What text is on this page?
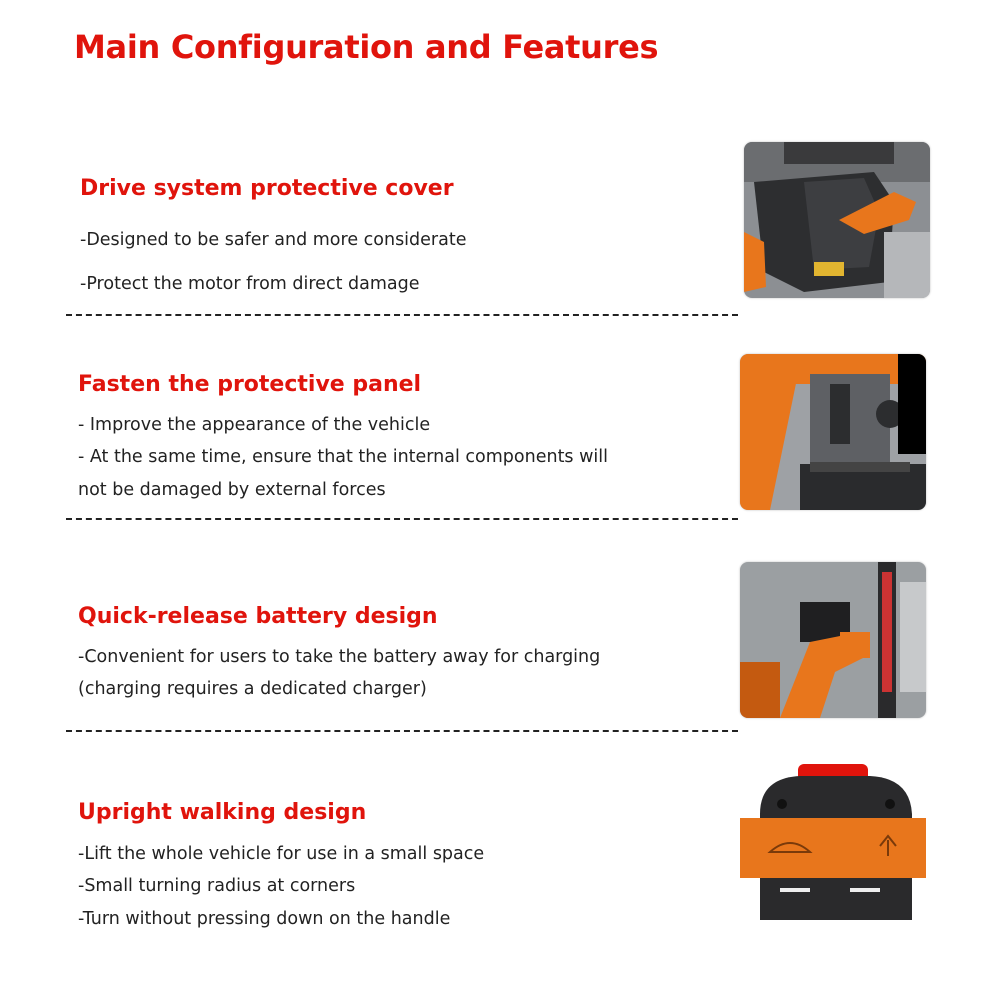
Main Configuration and Features
Drive system protective cover

-Designed to be safer and more considerate

-Protect the motor from direct damage

Fasten the protective panel

- Improve the appearance of the vehicle

- At the same time, ensure that the internal components will

not be damaged by external forces

Quick-release battery design

-Convenient for users to take the battery away for charging

(charging requires a dedicated charger)

Upright walking design

-Lift the whole vehicle for use in a small space

-Small turning radius at corners

-Turn without pressing down on the handle
